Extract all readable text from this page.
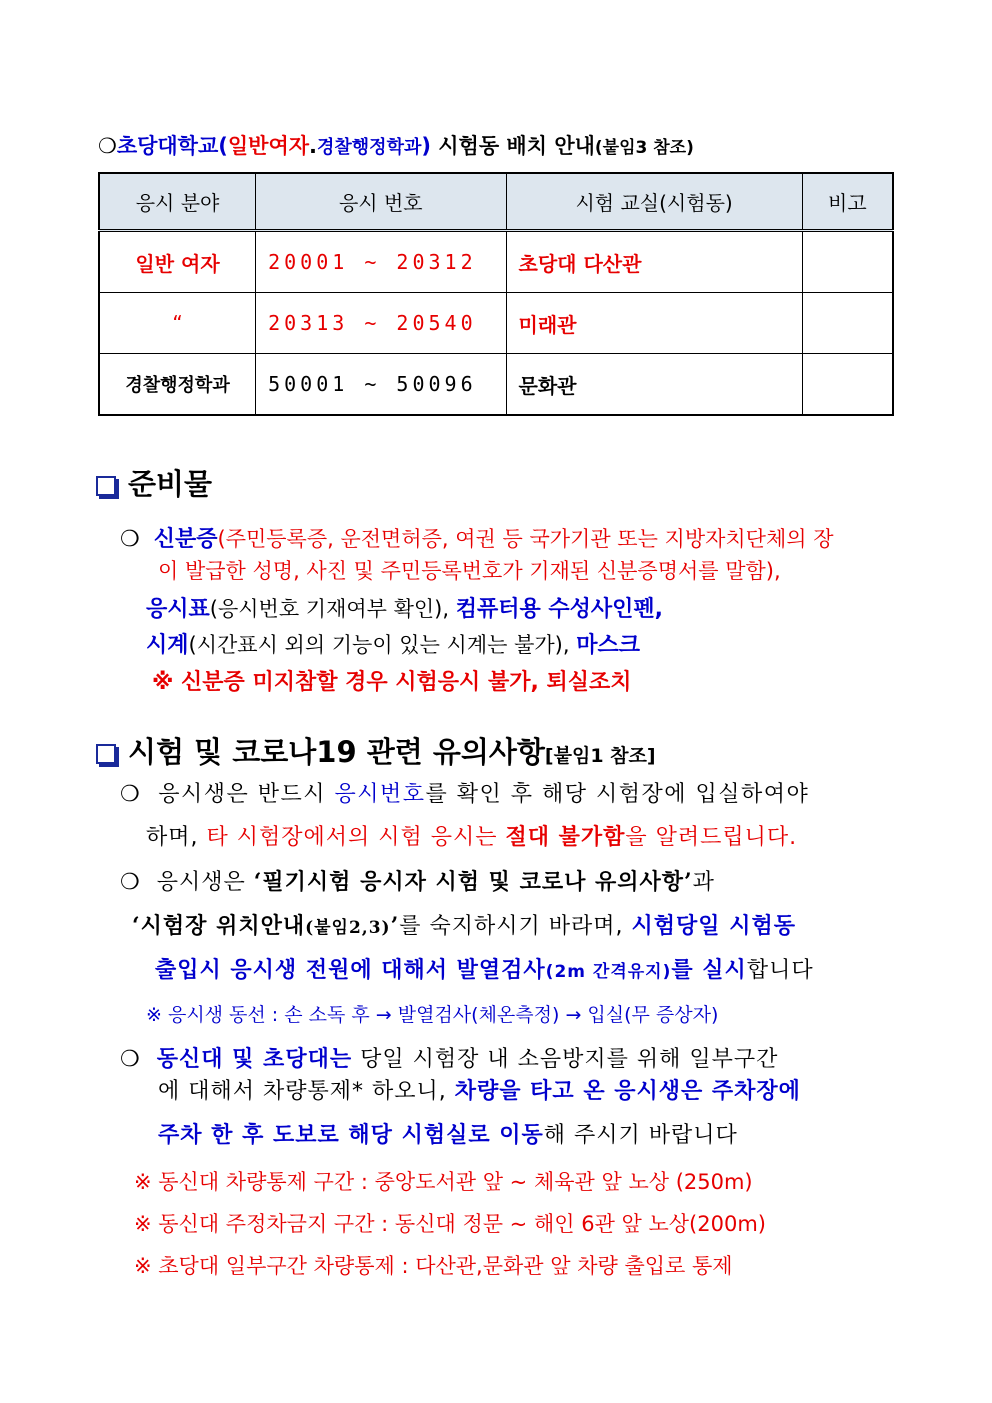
❍초당대학교(일반여자.경찰행정학과) 시험동 배치 안내(붙임3 참조)
응시 분야	응시 번호	시험 교실(시험동)	비고
일반 여자	20001 ~ 20312	초당대 다산관	
“	20313 ~ 20540	미래관	
경찰행정학과	50001 ~ 50096	문화관	
준비물
❍ 신분증(주민등록증, 운전면허증, 여권 등 국가기관 또는 지방자치단체의 장
이 발급한 성명, 사진 및 주민등록번호가 기재된 신분증명서를 말함),
응시표(응시번호 기재여부 확인), 컴퓨터용 수성사인펜,
시계(시간표시 외의 기능이 있는 시계는 불가), 마스크
※ 신분증 미지참할 경우 시험응시 불가, 퇴실조치
시험 및 코로나19 관련 유의사항[붙임1 참조]
❍ 응시생은 반드시 응시번호를 확인 후 해당 시험장에 입실하여야
하며, 타 시험장에서의 시험 응시는 절대 불가함을 알려드립니다.
❍ 응시생은 ‘필기시험 응시자 시험 및 코로나 유의사항’과
‘시험장 위치안내(붙임2,3)’를 숙지하시기 바라며, 시험당일 시험동
출입시 응시생 전원에 대해서 발열검사(2m 간격유지)를 실시합니다
※ 응시생 동선 : 손 소독 후 → 발열검사(체온측정) → 입실(무 증상자)
❍ 동신대 및 초당대는 당일 시험장 내 소음방지를 위해 일부구간
에 대해서 차량통제* 하오니, 차량을 타고 온 응시생은 주차장에
주차 한 후 도보로 해당 시험실로 이동해 주시기 바랍니다
※ 동신대 차량통제 구간 : 중앙도서관 앞 ~ 체육관 앞 노상 (250m)
※ 동신대 주정차금지 구간 : 동신대 정문 ~ 해인 6관 앞 노상(200m)
※ 초당대 일부구간 차량통제 : 다산관,문화관 앞 차량 출입로 통제
